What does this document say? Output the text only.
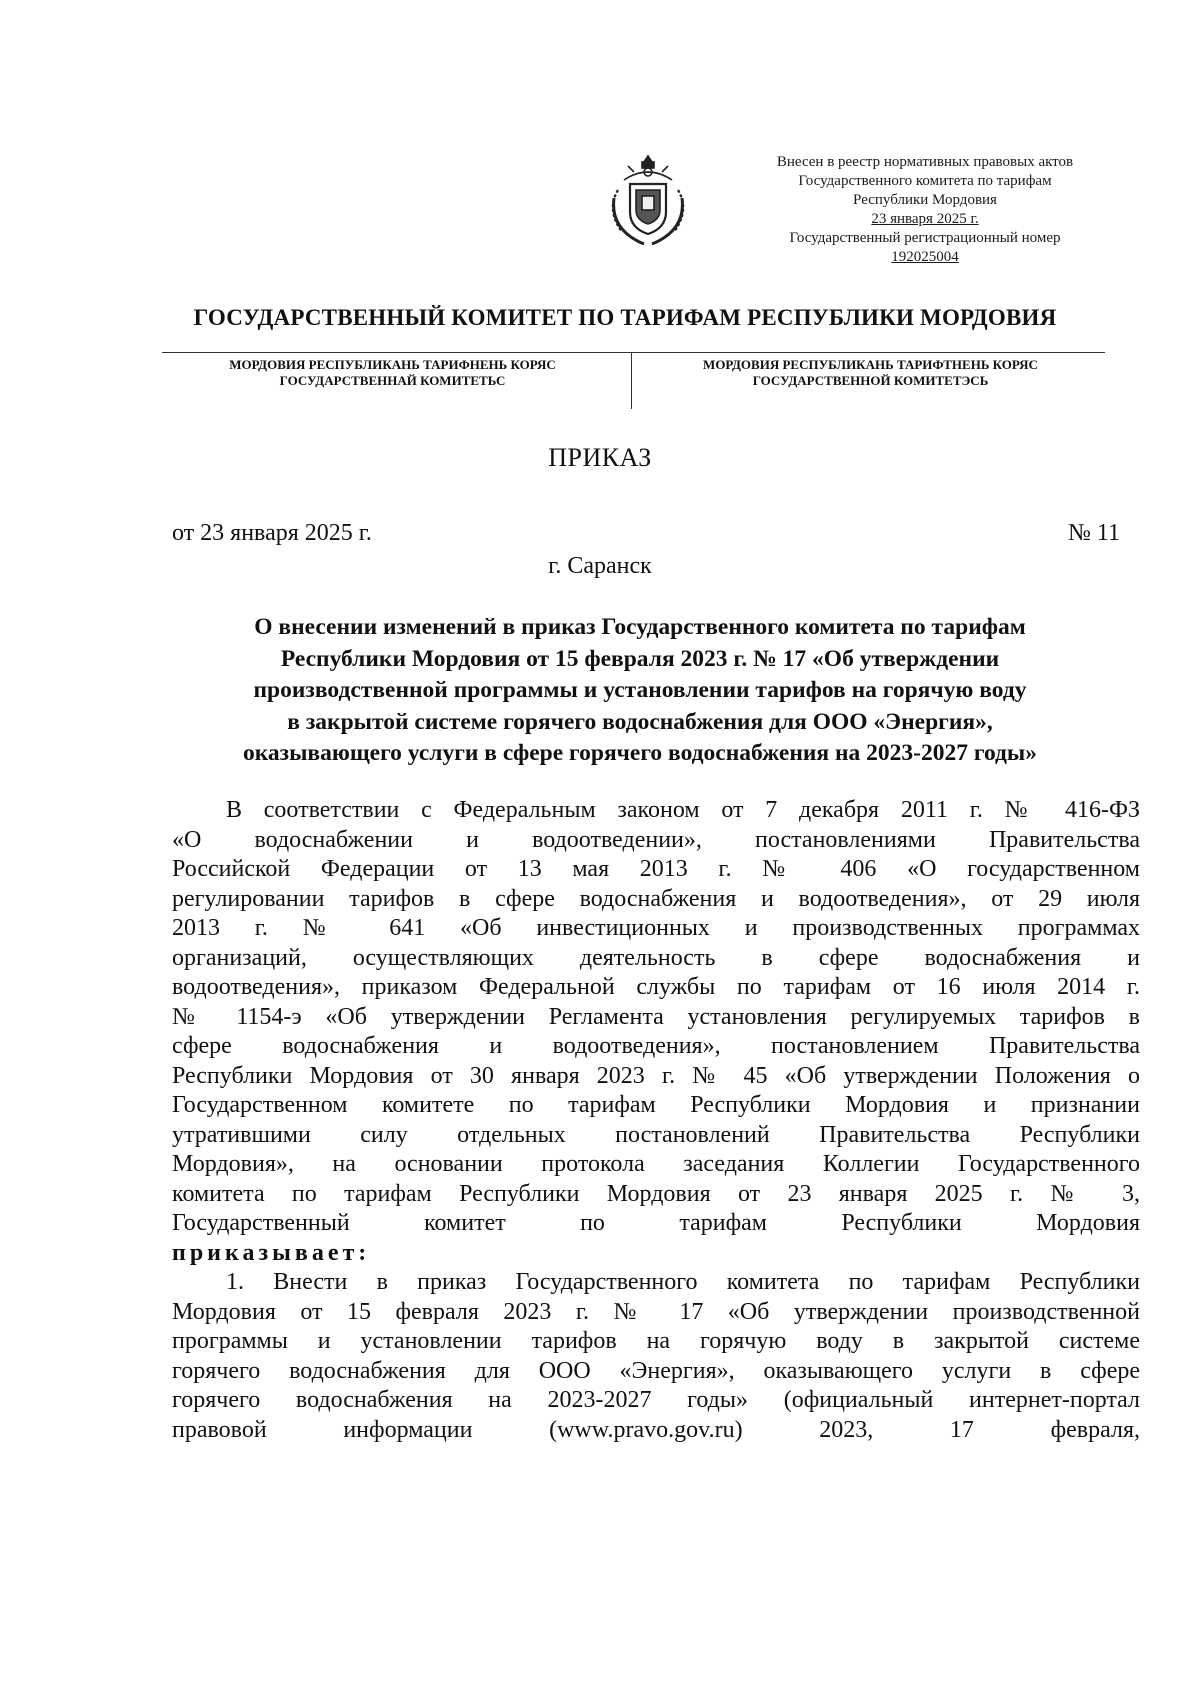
Внесен в реестр нормативных правовых актов
Государственного комитета по тарифам
Республики Мордовия
23 января 2025 г.
Государственный регистрационный номер
192025004
ГОСУДАРСТВЕННЫЙ КОМИТЕТ ПО ТАРИФАМ РЕСПУБЛИКИ МОРДОВИЯ
МОРДОВИЯ РЕСПУБЛИКАНЬ ТАРИФНЕНЬ КОРЯС
ГОСУДАРСТВЕННАЙ КОМИТЕТЬС
МОРДОВИЯ РЕСПУБЛИКАНЬ ТАРИФТНЕНЬ КОРЯС
ГОСУДАРСТВЕННОЙ КОМИТЕТЭСЬ
ПРИКАЗ
от 23 января 2025 г.	№ 11
г. Саранск
О внесении изменений в приказ Государственного комитета по тарифам
Республики Мордовия от 15 февраля 2023 г. № 17 «Об утверждении
производственной программы и установлении тарифов на горячую воду
в закрытой системе горячего водоснабжения для ООО «Энергия»,
оказывающего услуги в сфере горячего водоснабжения на 2023-2027 годы»
В соответствии с Федеральным законом от 7 декабря 2011 г. № 416-ФЗ
«О водоснабжении и водоотведении», постановлениями Правительства
Российской Федерации от 13 мая 2013 г. № 406 «О государственном
регулировании тарифов в сфере водоснабжения и водоотведения», от 29 июля
2013 г. № 641 «Об инвестиционных и производственных программах
организаций, осуществляющих деятельность в сфере водоснабжения и
водоотведения», приказом Федеральной службы по тарифам от 16 июля 2014 г.
№ 1154-э «Об утверждении Регламента установления регулируемых тарифов в
сфере водоснабжения и водоотведения», постановлением Правительства
Республики Мордовия от 30 января 2023 г. № 45 «Об утверждении Положения о
Государственном комитете по тарифам Республики Мордовия и признании
утратившими силу отдельных постановлений Правительства Республики
Мордовия», на основании протокола заседания Коллегии Государственного
комитета по тарифам Республики Мордовия от 23 января 2025 г. № 3,
Государственный комитет по тарифам Республики Мордовия
приказывает:
1. Внести в приказ Государственного комитета по тарифам Республики
Мордовия от 15 февраля 2023 г. № 17 «Об утверждении производственной
программы и установлении тарифов на горячую воду в закрытой системе
горячего водоснабжения для ООО «Энергия», оказывающего услуги в сфере
горячего водоснабжения на 2023-2027 годы» (официальный интернет-портал
правовой информации (www.pravo.gov.ru) 2023, 17 февраля,
